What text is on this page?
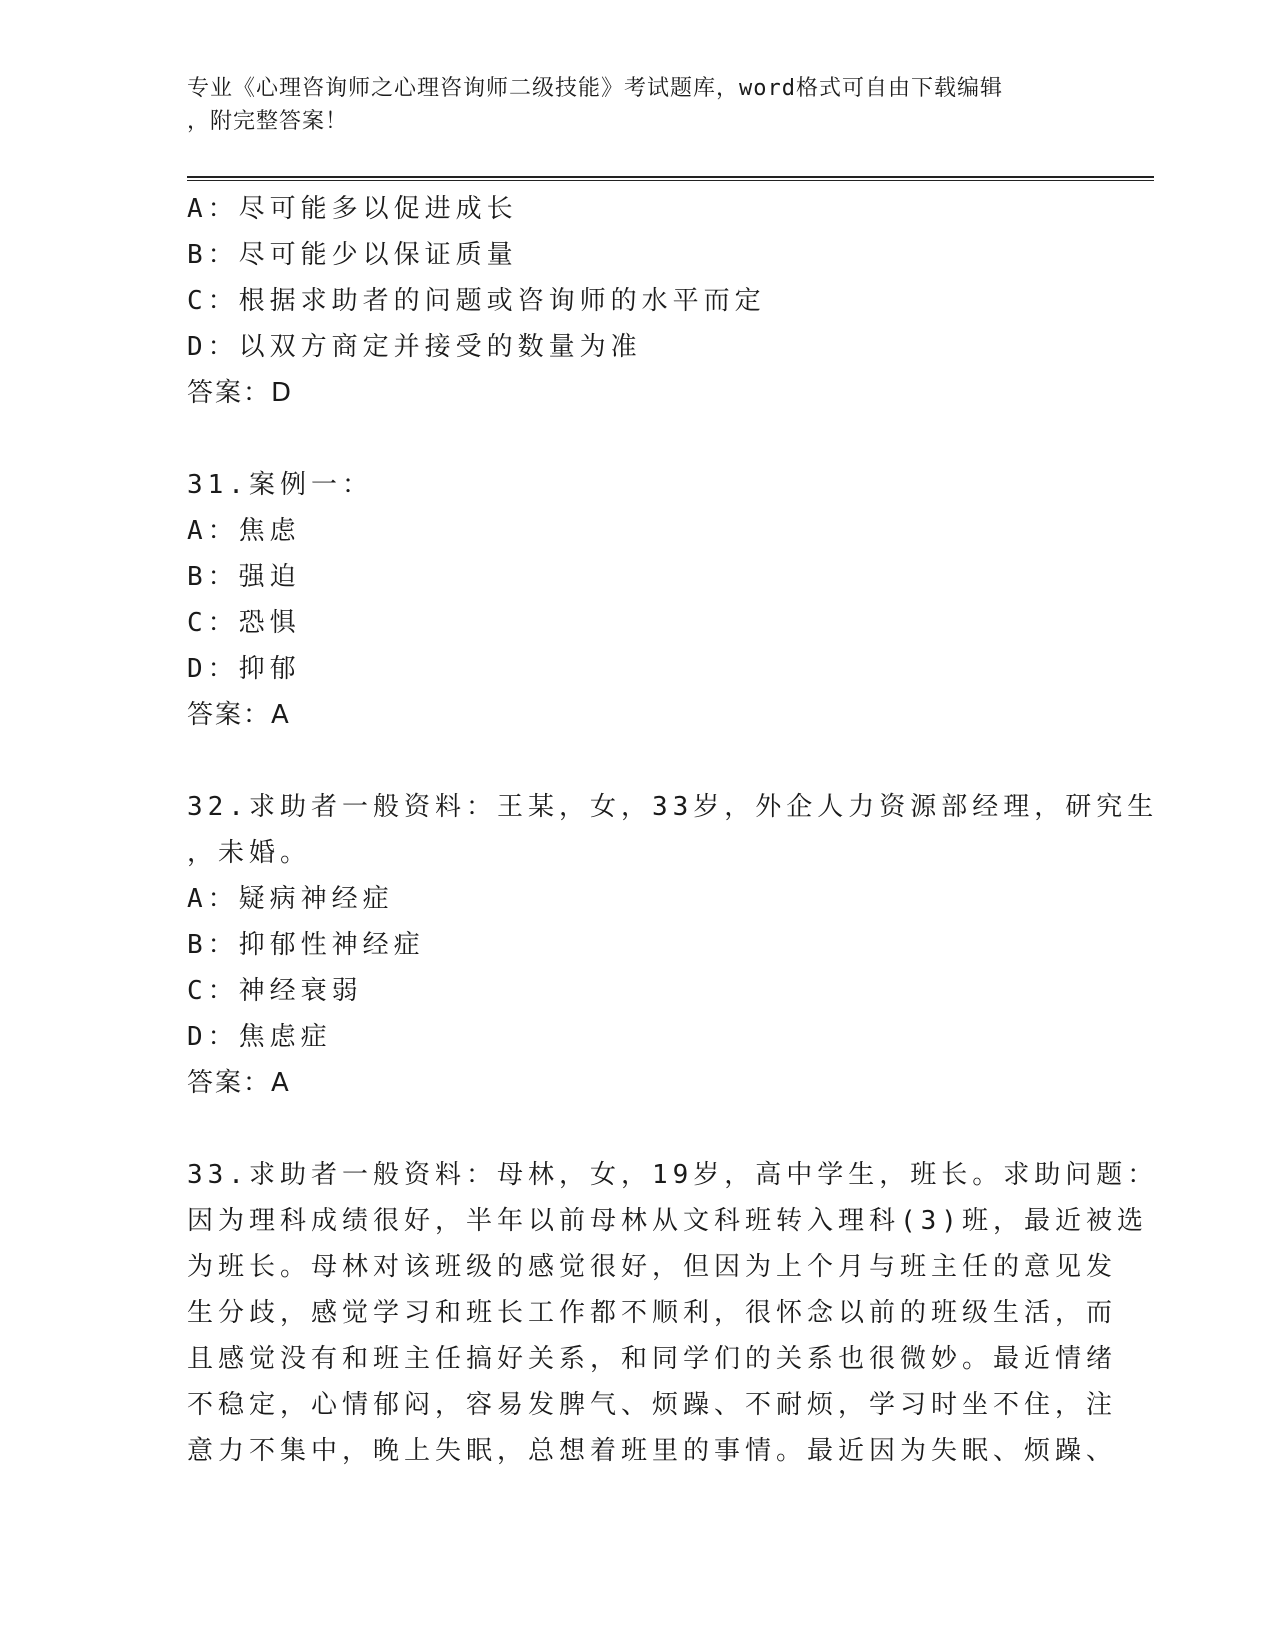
专业《心理咨询师之心理咨询师二级技能》考试题库，word格式可自由下载编辑
，附完整答案！
A：尽可能多以促进成长
B：尽可能少以保证质量
C：根据求助者的问题或咨询师的水平而定
D：以双方商定并接受的数量为准
答案：D
31.案例一：
A：焦虑
B：强迫
C：恐惧
D：抑郁
答案：A
32.求助者一般资料：王某，女，33岁，外企人力资源部经理，研究生
，未婚。
A：疑病神经症
B：抑郁性神经症
C：神经衰弱
D：焦虑症
答案：A
33.求助者一般资料：母林，女，19岁，高中学生，班长。求助问题：
因为理科成绩很好，半年以前母林从文科班转入理科(3)班，最近被选
为班长。母林对该班级的感觉很好，但因为上个月与班主任的意见发
生分歧，感觉学习和班长工作都不顺利，很怀念以前的班级生活，而
且感觉没有和班主任搞好关系，和同学们的关系也很微妙。最近情绪
不稳定，心情郁闷，容易发脾气、烦躁、不耐烦，学习时坐不住，注
意力不集中，晚上失眠，总想着班里的事情。最近因为失眠、烦躁、
